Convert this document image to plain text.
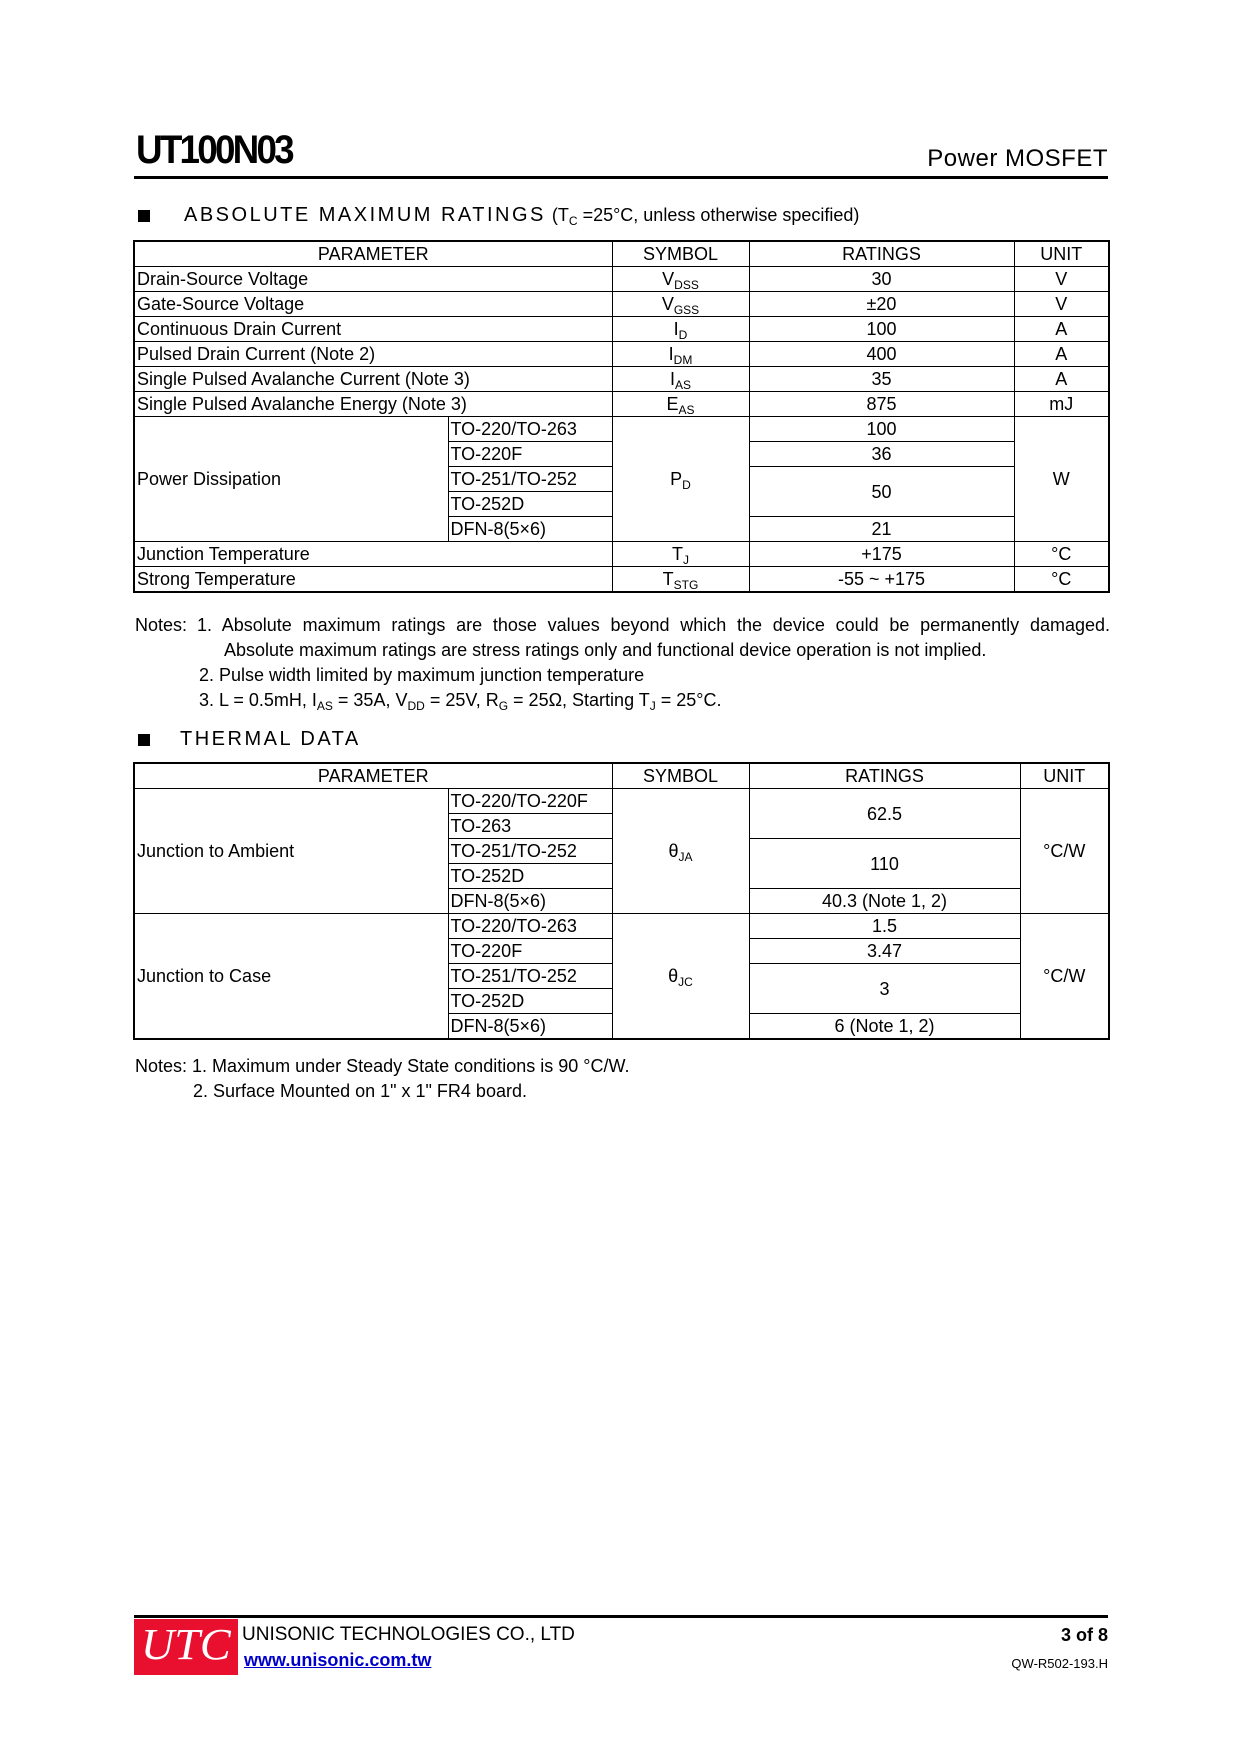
UT100N03	Power MOSFET
ABSOLUTE MAXIMUM RATINGS ($T_C =25^\circ C$, unless otherwise specified)
PARAMETER		SYMBOL	RATINGS	UNIT
Drain-Source Voltage		$V_{DSS}$	30	V
Gate-Source Voltage		$V_{GSS}$	±20	V
Continuous Drain Current		$I_D$	100	A
Pulsed Drain Current (Note 2)		$I_{DM}$	400	A
Single Pulsed Avalanche Current (Note 3)		$I_{AS}$	35	A
Single Pulsed Avalanche Energy (Note 3)		$E_{AS}$	875	mJ
Power Dissipation	TO-220/TO-263	$P_D$	100	W
	TO-220F		36	
	TO-251/TO-252		50	
	TO-252D			
	DFN-8(5×6)		21	
Junction Temperature		$T_J$	+175	°C
Strong Temperature		$T_{STG}$	-55 ~ +175	°C
Notes: 1. Absolute maximum ratings are those values beyond which the device could be permanently damaged.
Absolute maximum ratings are stress ratings only and functional device operation is not implied.
2. Pulse width limited by maximum junction temperature
3. L = 0.5mH, $I_{AS} = 35A$, $V_{DD} = 25V$, $R_G = 25\Omega$, Starting $T_J = 25^\circ C$.
THERMAL DATA
PARAMETER		SYMBOL	RATINGS	UNIT
Junction to Ambient	TO-220/TO-220F	$\theta_{JA}$	62.5	°C/W
	TO-263			
	TO-251/TO-252		110	
	TO-252D			
	DFN-8(5×6)		40.3 (Note 1, 2)	
Junction to Case	TO-220/TO-263	$\theta_{JC}$	1.5	°C/W
	TO-220F		3.47	
	TO-251/TO-252		3	
	TO-252D			
	DFN-8(5×6)		6 (Note 1, 2)	
Notes: 1. Maximum under Steady State conditions is 90 °C/W.
2. Surface Mounted on 1" x 1" FR4 board.
UTC UNISONIC TECHNOLOGIES CO., LTD
www.unisonic.com.tw
3 of 8
QW-R502-193.H
